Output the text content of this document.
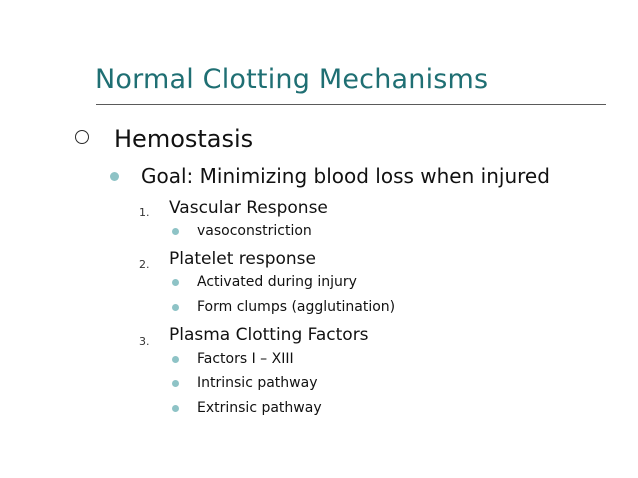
Normal Clotting Mechanisms
Hemostasis
Goal: Minimizing blood loss when injured
1. Vascular Response
vasoconstriction
2. Platelet response
Activated during injury
Form clumps (agglutination)
3. Plasma Clotting Factors
Factors I – XIII
Intrinsic pathway
Extrinsic pathway
